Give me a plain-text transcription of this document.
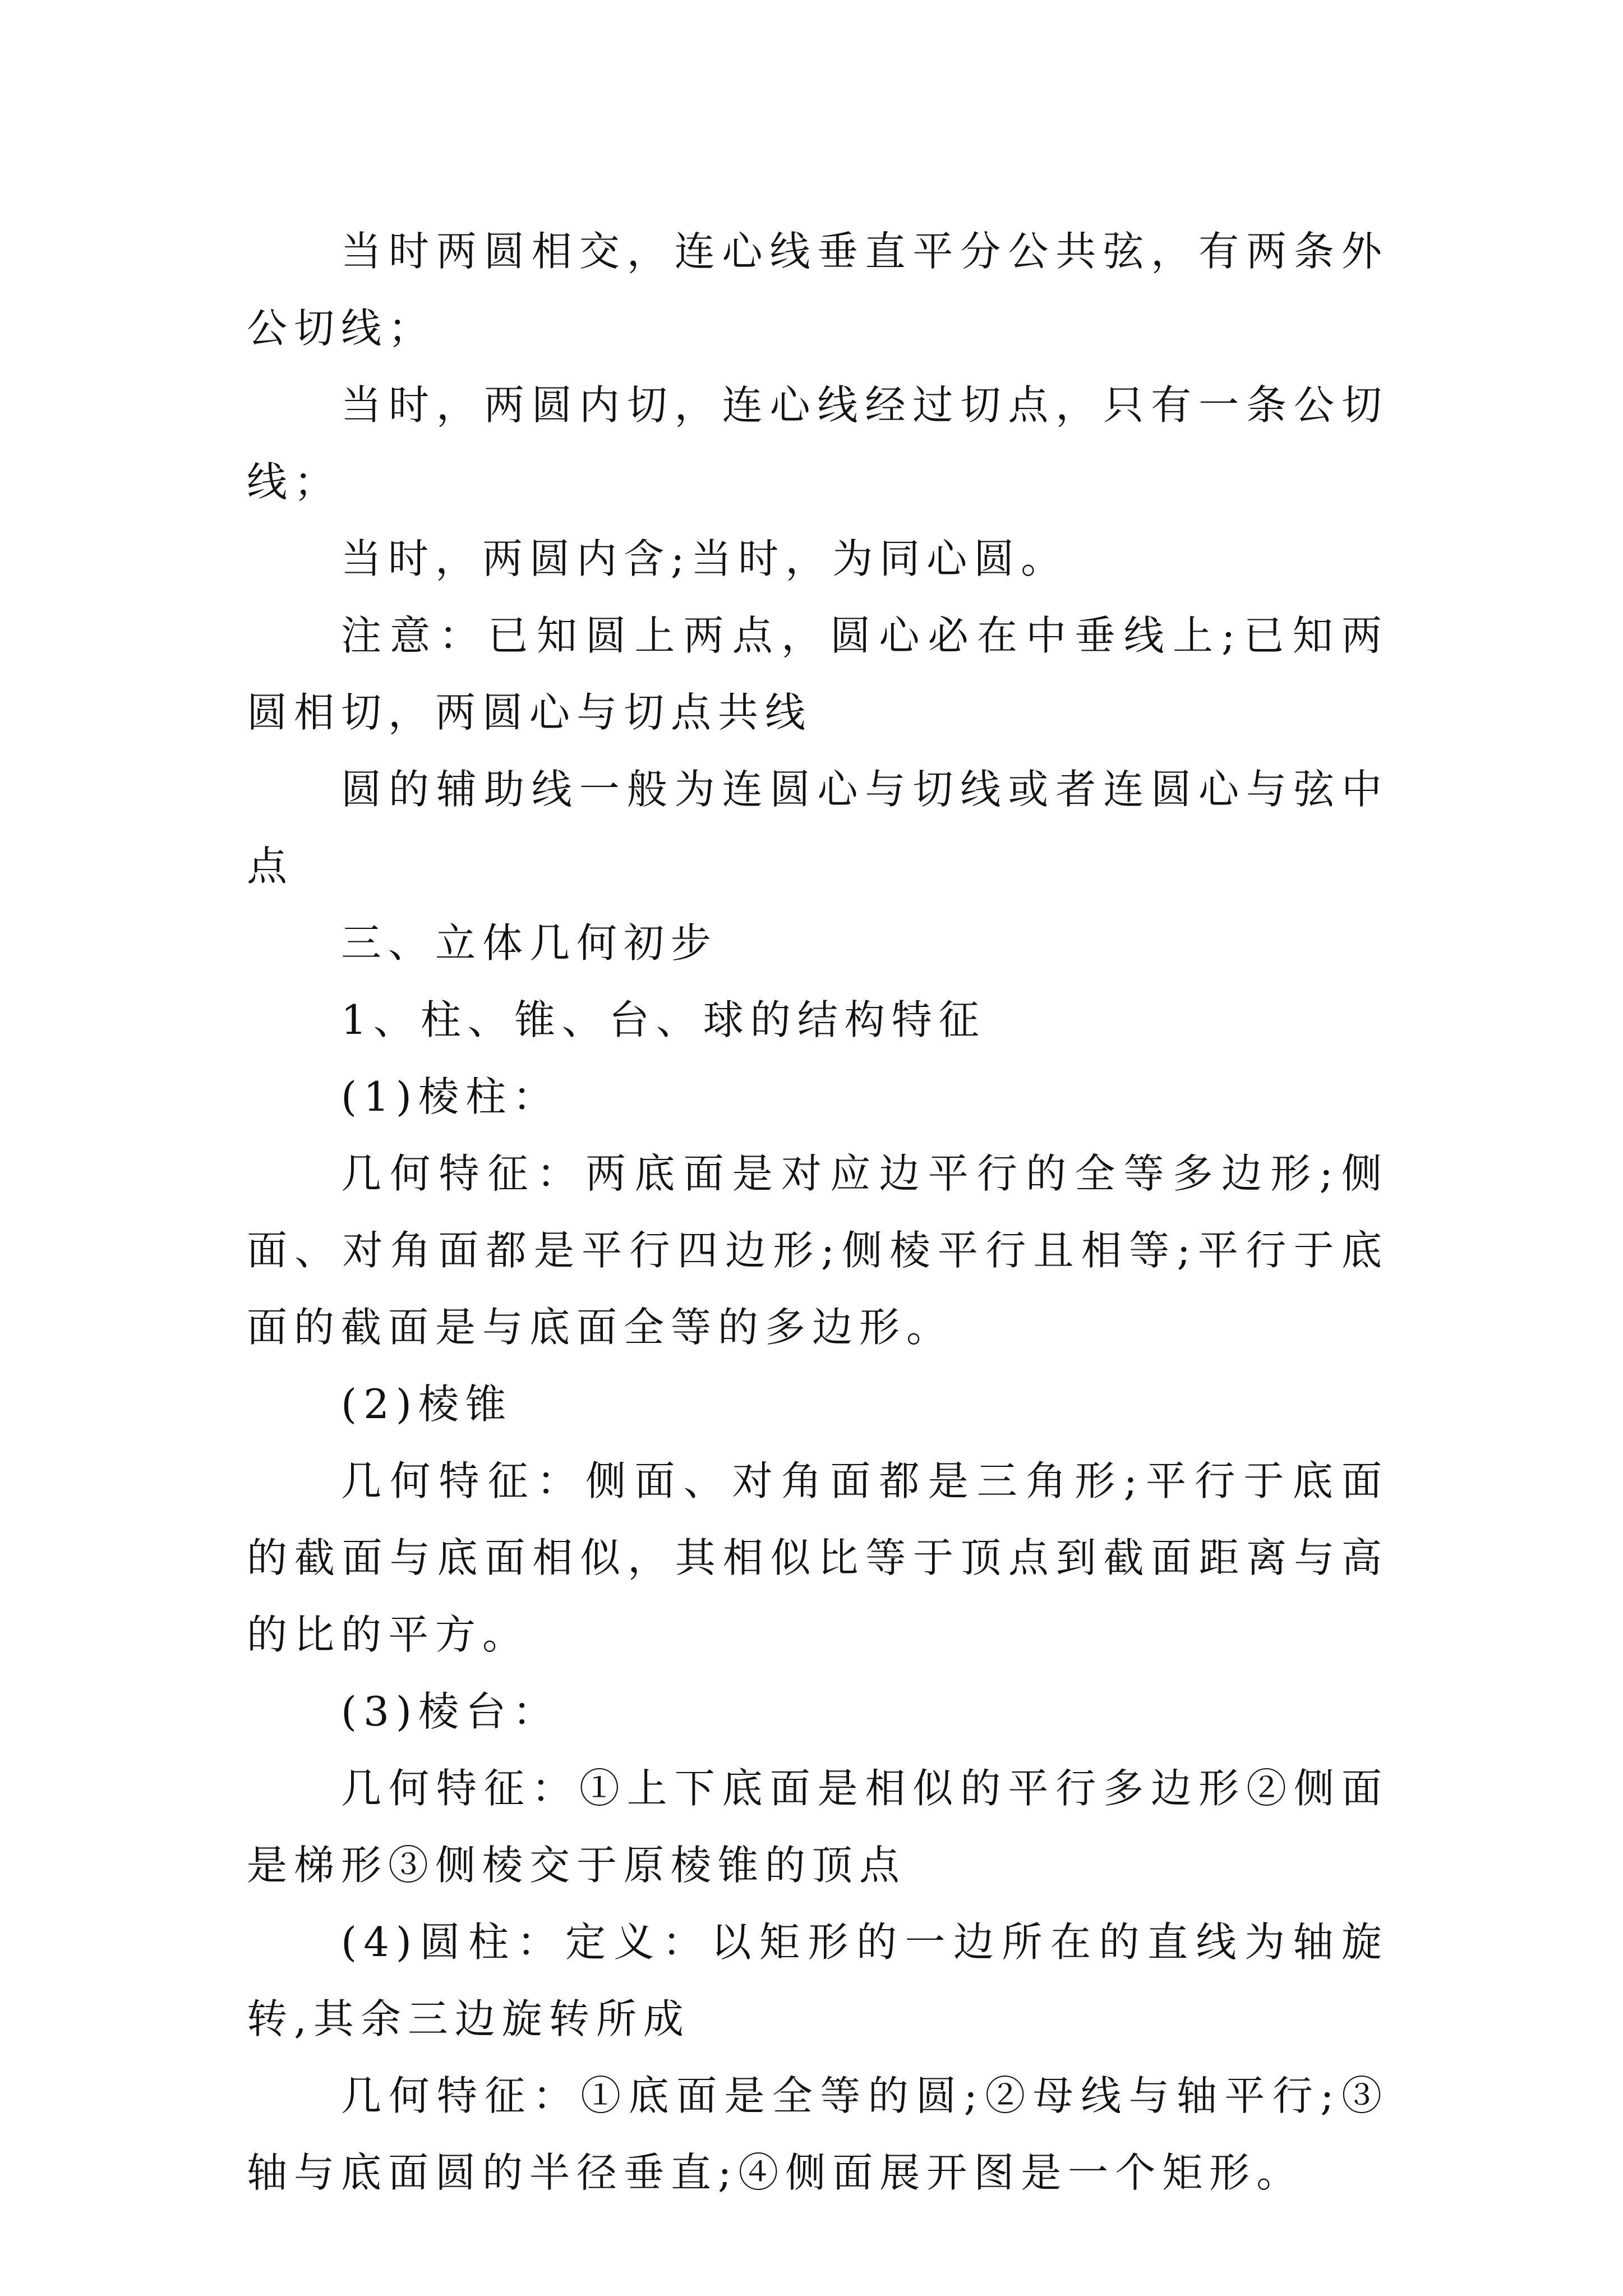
当时两圆相交，连心线垂直平分公共弦，有两条外公切线；

当时，两圆内切，连心线经过切点，只有一条公切线；

当时，两圆内含;当时，为同心圆。

注意：已知圆上两点，圆心必在中垂线上;已知两圆相切，两圆心与切点共线

圆的辅助线一般为连圆心与切线或者连圆心与弦中点

三、立体几何初步

1、柱、锥、台、球的结构特征

(1)棱柱：

几何特征：两底面是对应边平行的全等多边形;侧面、对角面都是平行四边形;侧棱平行且相等;平行于底面的截面是与底面全等的多边形。

(2)棱锥

几何特征：侧面、对角面都是三角形;平行于底面的截面与底面相似，其相似比等于顶点到截面距离与高的比的平方。

(3)棱台：

几何特征：①上下底面是相似的平行多边形②侧面是梯形③侧棱交于原棱锥的顶点

(4)圆柱：定义：以矩形的一边所在的直线为轴旋转,其余三边旋转所成

几何特征：①底面是全等的圆;②母线与轴平行;③轴与底面圆的半径垂直;④侧面展开图是一个矩形。
